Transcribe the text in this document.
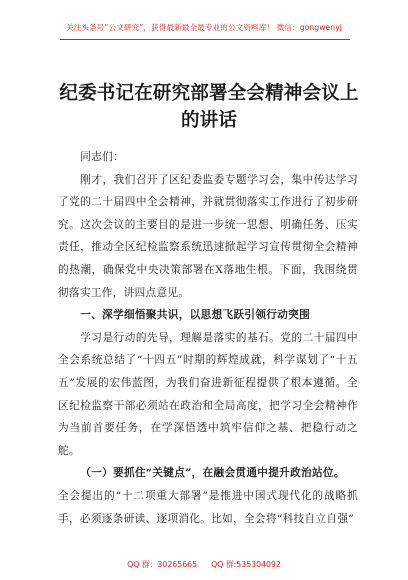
关注头条号“公文研究”，获得最新最全最专业的公文资料库！ 微信：gongwenyj
纪委书记在研究部署全会精神会议上的讲话

同志们：

刚才，我们召开了区纪委监委专题学习会，集中传达学习了党的二十届四中全会精神，并就贯彻落实工作进行了初步研究。这次会议的主要目的是进一步统一思想、明确任务、压实责任，推动全区纪检监察系统迅速掀起学习宣传贯彻全会精神的热潮，确保党中央决策部署在X落地生根。下面，我围绕贯彻落实工作，讲四点意见。

一、深学细悟聚共识，以思想飞跃引领行动突围

学习是行动的先导，理解是落实的基石。党的二十届四中全会系统总结了“十四五”时期的辉煌成就，科学谋划了“十五五”发展的宏伟蓝图，为我们奋进新征程提供了根本遵循。全区纪检监察干部必须站在政治和全局高度，把学习全会精神作为当前首要任务，在学深悟透中筑牢信仰之基、把稳行动之舵。

（一）要抓住“关键点”，在融会贯通中提升政治站位。

全会提出的“十二项重大部署”是推进中国式现代化的战略抓手，必须逐条研读、逐项消化。比如，全会将“科技自立自强”

QQ 群：30265665 QQ 群:535304092
